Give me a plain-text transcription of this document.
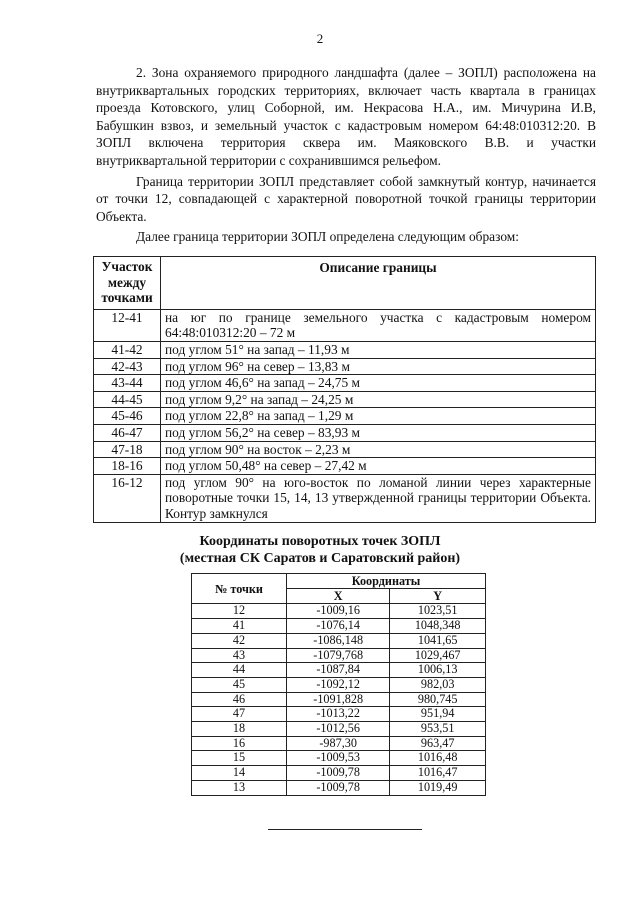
2

2. Зона охраняемого природного ландшафта (далее – ЗОПЛ) расположена на внутриквартальных городских территориях, включает часть квартала в границах проезда Котовского, улиц Соборной, им. Некрасова Н.А., им. Мичурина И.В, Бабушкин взвоз, и земельный участок с кадастровым номером 64:48:010312:20. В ЗОПЛ включена территория сквера им. Маяковского В.В. и участки внутриквартальной территории с сохранившимся рельефом.

Граница территории ЗОПЛ представляет собой замкнутый контур, начинается от точки 12, совпадающей с характерной поворотной точкой границы территории Объекта.

Далее граница территории ЗОПЛ определена следующим образом:

Участок между точками	Описание границы
12-41	на юг по границе земельного участка с кадастровым номером 64:48:010312:20 – 72 м
41-42	под углом 51° на запад – 11,93 м
42-43	под углом 96° на север – 13,83 м
43-44	под углом 46,6° на запад – 24,75 м
44-45	под углом 9,2° на запад – 24,25 м
45-46	под углом 22,8° на запад – 1,29 м
46-47	под углом 56,2° на север – 83,93 м
47-18	под углом 90° на восток – 2,23 м
18-16	под углом 50,48° на север – 27,42 м
16-12	под углом 90° на юго-восток по ломаной линии через характерные поворотные точки 15, 14, 13 утвержденной границы территории Объекта. Контур замкнулся
Координаты поворотных точек ЗОПЛ
(местная СК Саратов и Саратовский район)
№ точки	Координаты	
	X	Y
12	-1009,16	1023,51
41	-1076,14	1048,348
42	-1086,148	1041,65
43	-1079,768	1029,467
44	-1087,84	1006,13
45	-1092,12	982,03
46	-1091,828	980,745
47	-1013,22	951,94
18	-1012,56	953,51
16	-987,30	963,47
15	-1009,53	1016,48
14	-1009,78	1016,47
13	-1009,78	1019,49
